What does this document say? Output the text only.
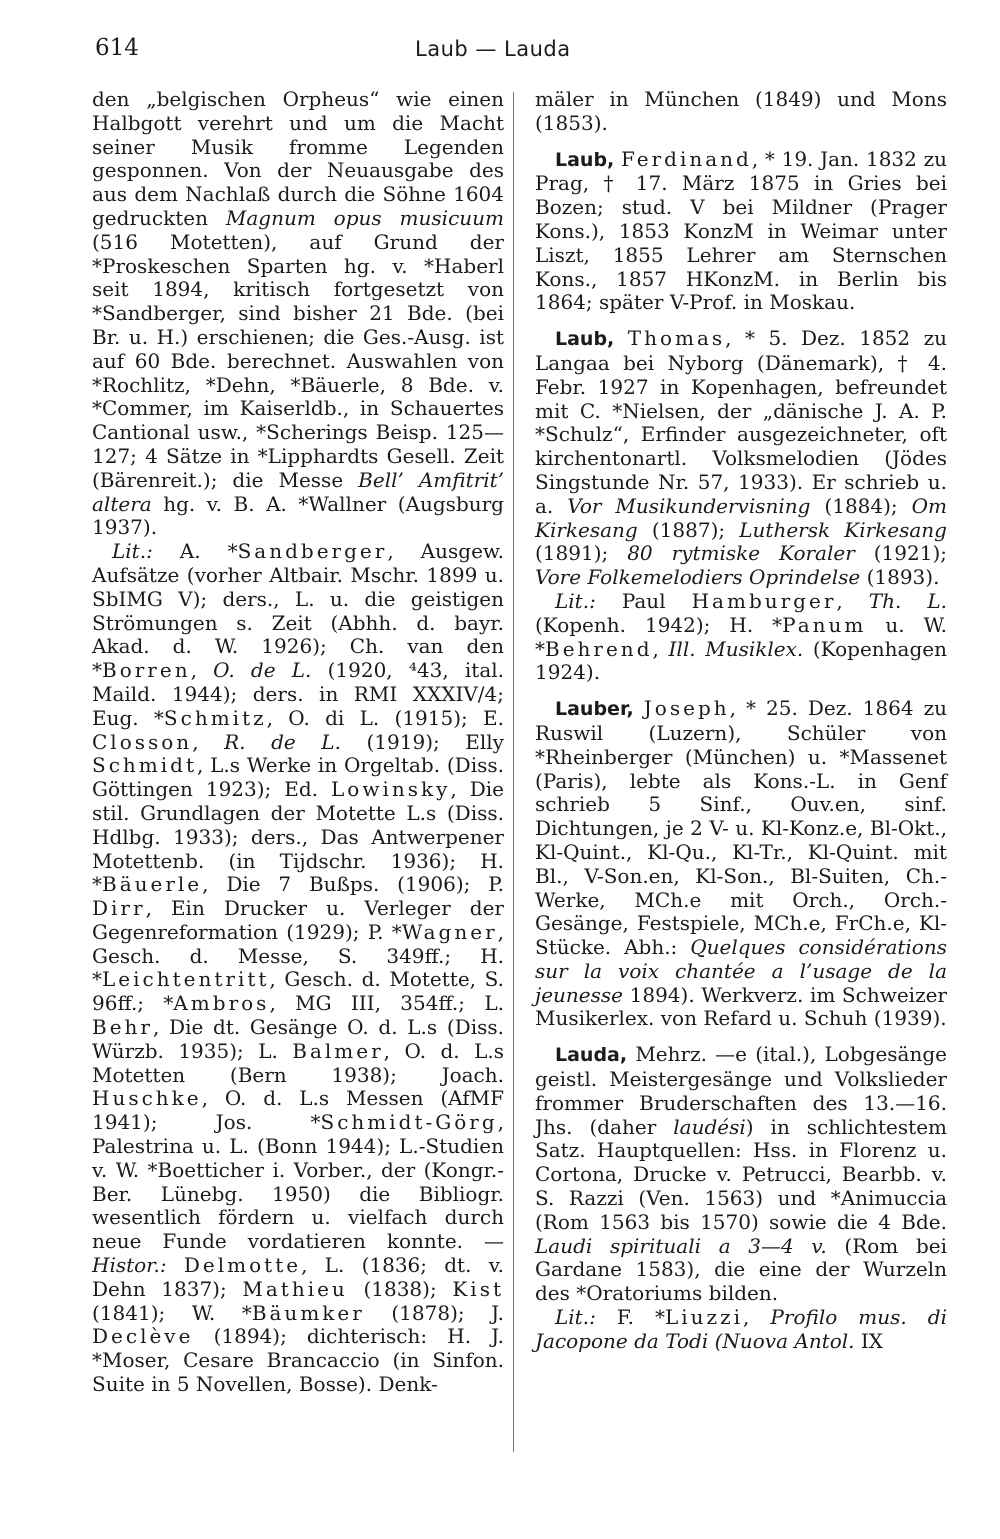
614	Laub — Lauda

den „belgischen Orpheus“ wie einen Halbgott verehrt und um die Macht seiner Musik fromme Legenden gesponnen. Von der Neuausgabe des aus dem Nachlaß durch die Söhne 1604 gedruckten Magnum opus musicuum (516 Motetten), auf Grund der *Proskeschen Sparten hg. v. *Haberl seit 1894, kritisch fortgesetzt von *Sandberger, sind bisher 21 Bde. (bei Br. u. H.) erschienen; die Ges.-Ausg. ist auf 60 Bde. berechnet. Auswahlen von *Rochlitz, *Dehn, *Bäuerle, 8 Bde. v. *Commer, im Kaiserldb., in Schauertes Cantional usw., *Scherings Beisp. 125—127; 4 Sätze in *Lipphardts Gesell. Zeit (Bärenreit.); die Messe Bell’ Amfitrit’ altera hg. v. B. A. *Wallner (Augsburg 1937).

Lit.: A. *Sandberger, Ausgew. Aufsätze (vorher Altbair. Mschr. 1899 u. SbIMG V); ders., L. u. die geistigen Strömungen s. Zeit (Abhh. d. bayr. Akad. d. W. 1926); Ch. van den *Borren, O. de L. (1920, ⁴43, ital. Maild. 1944); ders. in RMI XXXIV/4; Eug. *Schmitz, O. di L. (1915); E. Closson, R. de L. (1919); Elly Schmidt, L.s Werke in Orgeltab. (Diss. Göttingen 1923); Ed. Lowinsky, Die stil. Grundlagen der Motette L.s (Diss. Hdlbg. 1933); ders., Das Antwerpener Motettenb. (in Tijdschr. 1936); H. *Bäuerle, Die 7 Bußps. (1906); P. Dirr, Ein Drucker u. Verleger der Gegenreformation (1929); P. *Wagner, Gesch. d. Messe, S. 349ff.; H. *Leichtentritt, Gesch. d. Motette, S. 96ff.; *Ambros, MG III, 354ff.; L. Behr, Die dt. Gesänge O. d. L.s (Diss. Würzb. 1935); L. Balmer, O. d. L.s Motetten (Bern 1938); Joach. Huschke, O. d. L.s Messen (AfMF 1941); Jos. *Schmidt-Görg, Palestrina u. L. (Bonn 1944); L.-Studien v. W. *Boetticher i. Vorber., der (Kongr.-Ber. Lünebg. 1950) die Bibliogr. wesentlich fördern u. vielfach durch neue Funde vordatieren konnte. — Histor.: Delmotte, L. (1836; dt. v. Dehn 1837); Mathieu (1838); Kist (1841); W. *Bäumker (1878); J. Declève (1894); dichterisch: H. J. *Moser, Cesare Brancaccio (in Sinfon. Suite in 5 Novellen, Bosse). Denk-

mäler in München (1849) und Mons (1853).

Laub, Ferdinand, * 19. Jan. 1832 zu Prag, † 17. März 1875 in Gries bei Bozen; stud. V bei Mildner (Prager Kons.), 1853 KonzM in Weimar unter Liszt, 1855 Lehrer am Sternschen Kons., 1857 HKonzM. in Berlin bis 1864; später V-Prof. in Moskau.

Laub, Thomas, * 5. Dez. 1852 zu Langaa bei Nyborg (Dänemark), † 4. Febr. 1927 in Kopenhagen, befreundet mit C. *Nielsen, der „dänische J. A. P. *Schulz“, Erfinder ausgezeichneter, oft kirchentonartl. Volksmelodien (Jödes Singstunde Nr. 57, 1933). Er schrieb u. a. Vor Musikundervisning (1884); Om Kirkesang (1887); Luthersk Kirkesang (1891); 80 rytmiske Koraler (1921); Vore Folkemelodiers Oprindelse (1893).

Lit.: Paul Hamburger, Th. L. (Kopenh. 1942); H. *Panum u. W. *Behrend, Ill. Musiklex. (Kopenhagen 1924).

Lauber, Joseph, * 25. Dez. 1864 zu Ruswil (Luzern), Schüler von *Rheinberger (München) u. *Massenet (Paris), lebte als Kons.-L. in Genf schrieb 5 Sinf., Ouv.en, sinf. Dichtungen, je 2 V- u. Kl-Konz.e, Bl-Okt., Kl-Quint., Kl-Qu., Kl-Tr., Kl-Quint. mit Bl., V-Son.en, Kl-Son., Bl-Suiten, Ch.-Werke, MCh.e mit Orch., Orch.-Gesänge, Festspiele, MCh.e, FrCh.e, Kl-Stücke. Abh.: Quelques considérations sur la voix chantée a l’usage de la jeunesse 1894). Werkverz. im Schweizer Musikerlex. von Refard u. Schuh (1939).

Lauda, Mehrz. —e (ital.), Lobgesänge geistl. Meistergesänge und Volkslieder frommer Bruderschaften des 13.—16. Jhs. (daher laudési) in schlichtestem Satz. Hauptquellen: Hss. in Florenz u. Cortona, Drucke v. Petrucci, Bearbb. v. S. Razzi (Ven. 1563) und *Animuccia (Rom 1563 bis 1570) sowie die 4 Bde. Laudi spirituali a 3—4 v. (Rom bei Gardane 1583), die eine der Wurzeln des *Oratoriums bilden.

Lit.: F. *Liuzzi, Profilo mus. di Jacopone da Todi (Nuova Antol. IX
